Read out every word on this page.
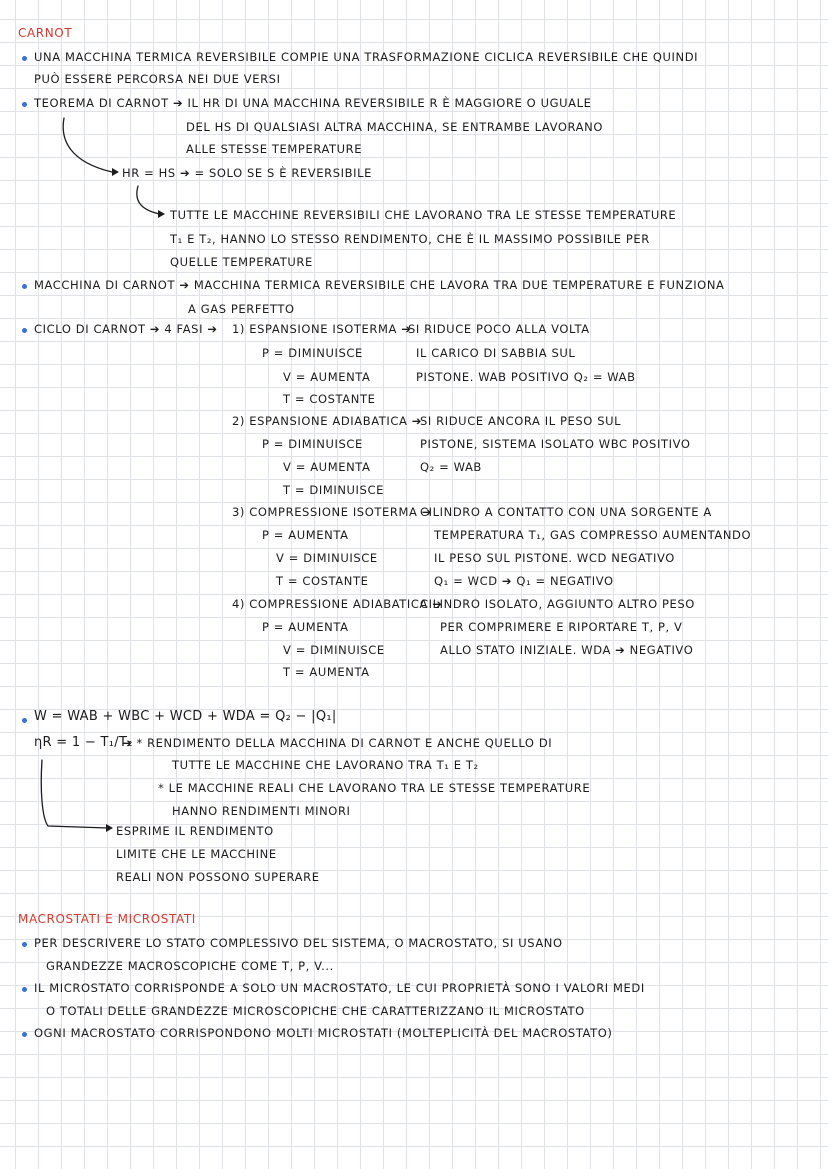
CARNOT
UNA MACCHINA TERMICA REVERSIBILE COMPIE UNA TRASFORMAZIONE CICLICA REVERSIBILE CHE QUINDI
PUÒ ESSERE PERCORSA NEI DUE VERSI
TEOREMA DI CARNOT ➔ IL ΗR DI UNA MACCHINA REVERSIBILE R È MAGGIORE O UGUALE
DEL ΗS DI QUALSIASI ALTRA MACCHINA, SE ENTRAMBE LAVORANO
ALLE STESSE TEMPERATURE
ΗR = ΗS ➔ = SOLO SE S È REVERSIBILE
TUTTE LE MACCHINE REVERSIBILI CHE LAVORANO TRA LE STESSE TEMPERATURE
T₁ E T₂, HANNO LO STESSO RENDIMENTO, CHE È IL MASSIMO POSSIBILE PER
QUELLE TEMPERATURE
MACCHINA DI CARNOT ➔ MACCHINA TERMICA REVERSIBILE CHE LAVORA TRA DUE TEMPERATURE E FUNZIONA
A GAS PERFETTO
CICLO DI CARNOT ➔ 4 FASI ➔ 1) ESPANSIONE ISOTERMA ➔
SI RIDUCE POCO ALLA VOLTA
IL CARICO DI SABBIA SUL
PISTONE. WAB POSITIVO Q₂ = WAB
P = DIMINUISCE
V = AUMENTA
T = COSTANTE
2) ESPANSIONE ADIABATICA ➔
SI RIDUCE ANCORA IL PESO SUL
PISTONE, SISTEMA ISOLATO WBC POSITIVO
Q₂ = WAB
P = DIMINUISCE
V = AUMENTA
T = DIMINUISCE
3) COMPRESSIONE ISOTERMA ➔
CILINDRO A CONTATTO CON UNA SORGENTE A
TEMPERATURA T₁, GAS COMPRESSO AUMENTANDO
IL PESO SUL PISTONE. WCD NEGATIVO
Q₁ = WCD ➔ Q₁ = NEGATIVO
P = AUMENTA
V = DIMINUISCE
T = COSTANTE
4) COMPRESSIONE ADIABATICA ➔
CILINDRO ISOLATO, AGGIUNTO ALTRO PESO
PER COMPRIMERE E RIPORTARE T, P, V
ALLO STATO INIZIALE. WDA ➔ NEGATIVO
P = AUMENTA
V = DIMINUISCE
T = AUMENTA
W = WAB + WBC + WCD + WDA = Q₂ − |Q₁|
ηR = 1 − T₁/T₂
➔ * RENDIMENTO DELLA MACCHINA DI CARNOT E ANCHE QUELLO DI
TUTTE LE MACCHINE CHE LAVORANO TRA T₁ E T₂
* LE MACCHINE REALI CHE LAVORANO TRA LE STESSE TEMPERATURE
HANNO RENDIMENTI MINORI
ESPRIME IL RENDIMENTO
LIMITE CHE LE MACCHINE
REALI NON POSSONO SUPERARE
MACROSTATI E MICROSTATI
PER DESCRIVERE LO STATO COMPLESSIVO DEL SISTEMA, O MACROSTATO, SI USANO
GRANDEZZE MACROSCOPICHE COME T, P, V...
IL MICROSTATO CORRISPONDE A SOLO UN MACROSTATO, LE CUI PROPRIETÀ SONO I VALORI MEDI
O TOTALI DELLE GRANDEZZE MICROSCOPICHE CHE CARATTERIZZANO IL MICROSTATO
OGNI MACROSTATO CORRISPONDONO MOLTI MICROSTATI (MOLTEPLICITÀ DEL MACROSTATO)
